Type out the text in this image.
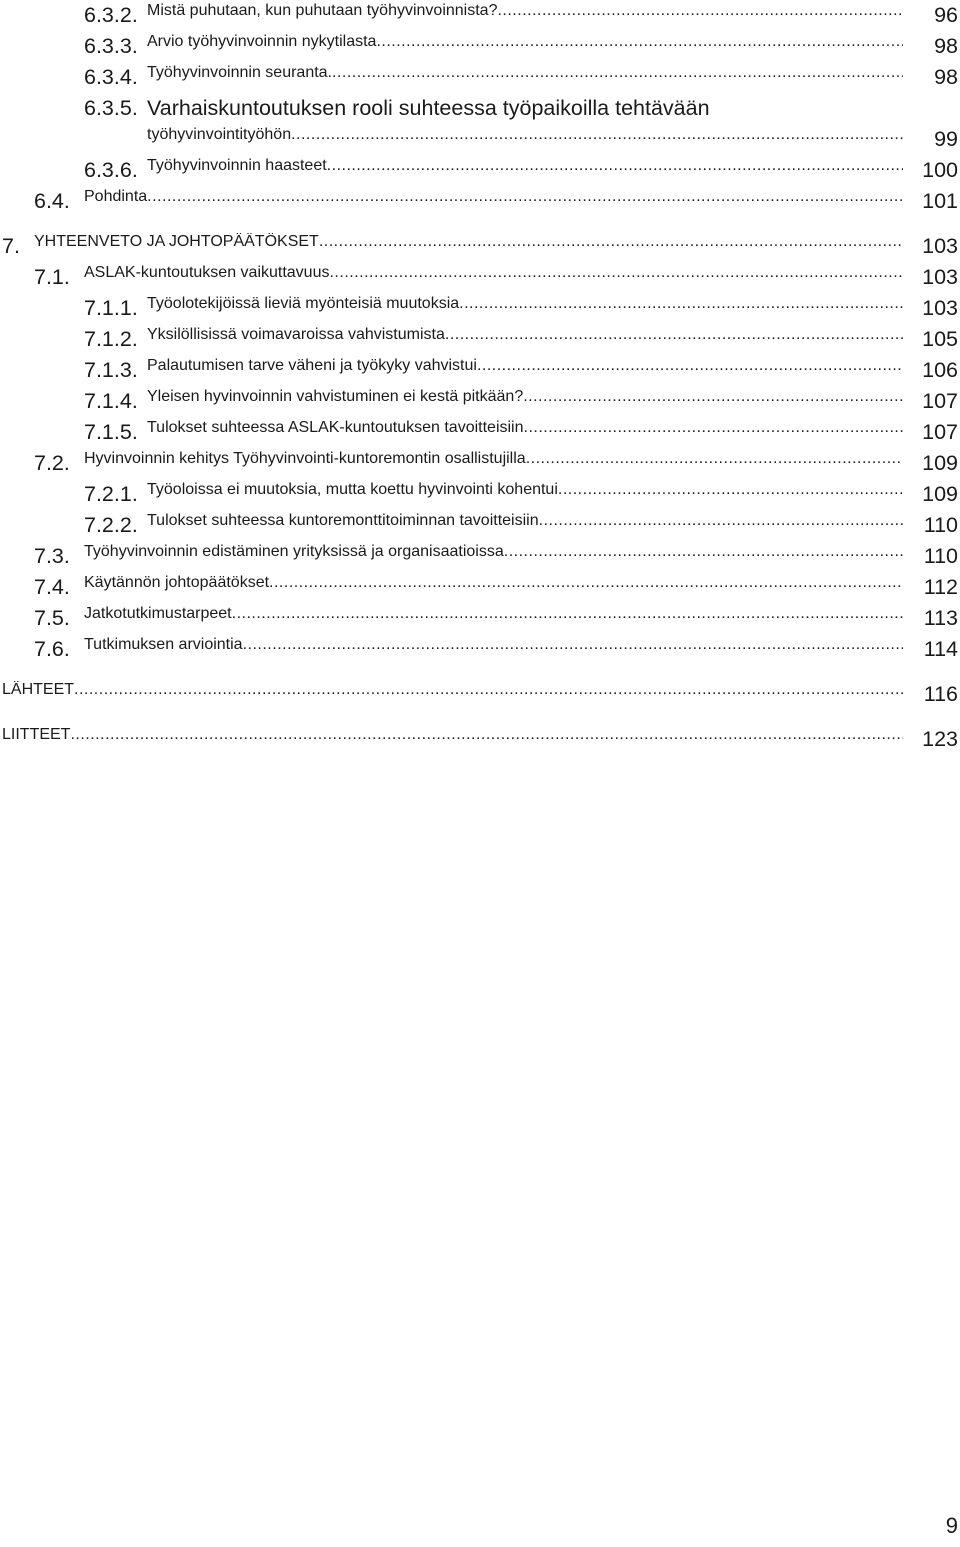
6.3.2. Mistä puhutaan, kun puhutaan työhyvinvoinnista? .....	96
6.3.3. Arvio työhyvinvoinnin nykytilasta .....	98
6.3.4. Työhyvinvoinnin seuranta. .....	98
6.3.5. Varhaiskuntoutuksen rooli suhteessa työpaikoilla tehtävään
työhyvinvointityöhön .....	99
6.3.6. Työhyvinvoinnin haasteet .....	100
6.4. Pohdinta .....	101
7. YHTEENVETO JA JOHTOPÄÄTÖKSET .....	103
7.1. ASLAK-kuntoutuksen vaikuttavuus .....	103
7.1.1. Työolotekijöissä lieviä myönteisiä muutoksia .....	103
7.1.2. Yksilöllisissä voimavaroissa vahvistumista .....	105
7.1.3. Palautumisen tarve väheni ja työkyky vahvistui .....	106
7.1.4. Yleisen hyvinvoinnin vahvistuminen ei kestä pitkään? .....	107
7.1.5. Tulokset suhteessa ASLAK-kuntoutuksen tavoitteisiin .....	107
7.2. Hyvinvoinnin kehitys Työhyvinvointi-kuntoremontin osallistujilla .....	109
7.2.1. Työoloissa ei muutoksia, mutta koettu hyvinvointi kohentui .....	109
7.2.2. Tulokset suhteessa kuntoremonttitoiminnan tavoitteisiin .....	110
7.3. Työhyvinvoinnin edistäminen yrityksissä ja organisaatioissa .....	110
7.4. Käytännön johtopäätökset .....	112
7.5. Jatkotutkimustarpeet .....	113
7.6. Tutkimuksen arviointia .....	114
LÄHTEET .....	116
LIITTEET .....	123
9
